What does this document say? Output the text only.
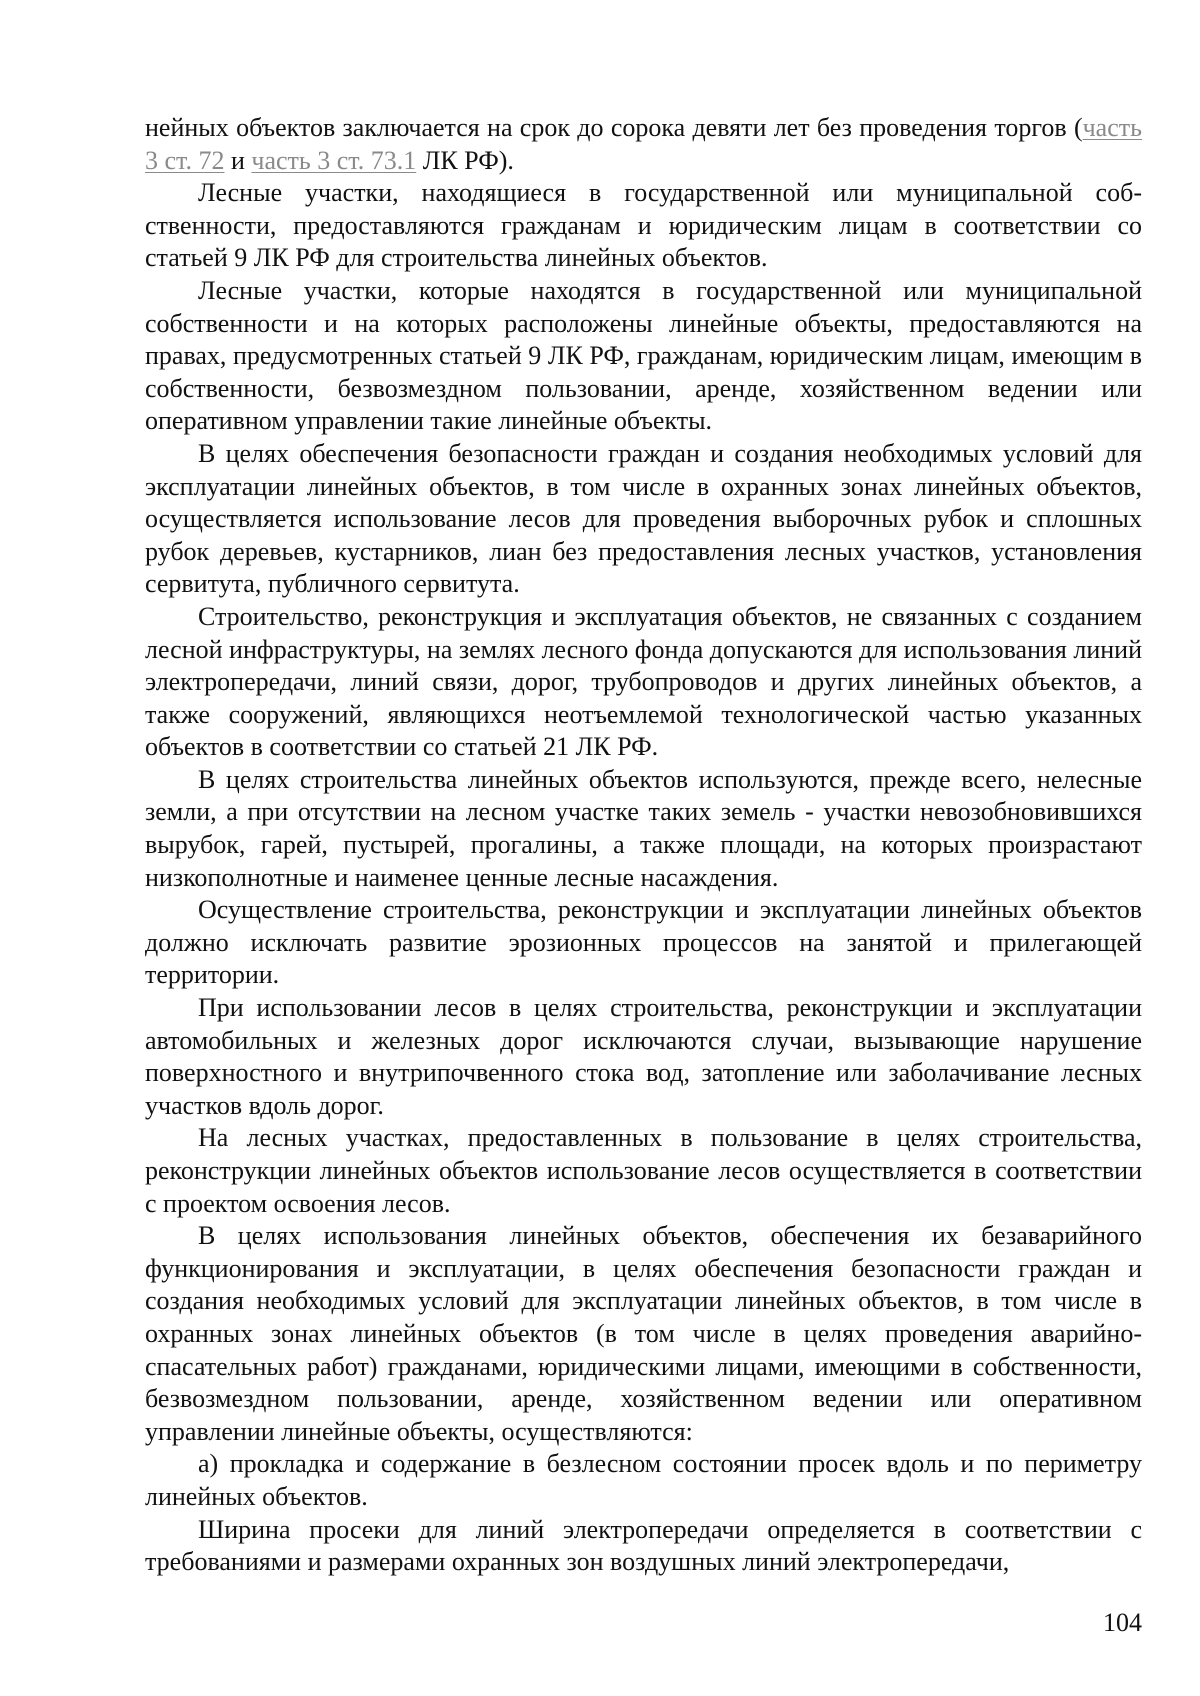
нейных объектов заключается на срок до сорока девяти лет без проведения торгов (часть 3 ст. 72 и часть 3 ст. 73.1 ЛК РФ).

Лесные участки, находящиеся в государственной или муниципальной собственности, предоставляются гражданам и юридическим лицам в соответствии со статьей 9 ЛК РФ для строительства линейных объектов.

Лесные участки, которые находятся в государственной или муниципальной собственности и на которых расположены линейные объекты, предоставляются на правах, предусмотренных статьей 9 ЛК РФ, гражданам, юридическим лицам, имеющим в собственности, безвозмездном пользовании, аренде, хозяйственном ведении или оперативном управлении такие линейные объекты.

В целях обеспечения безопасности граждан и создания необходимых условий для эксплуатации линейных объектов, в том числе в охранных зонах линейных объектов, осуществляется использование лесов для проведения выборочных рубок и сплошных рубок деревьев, кустарников, лиан без предоставления лесных участков, установления сервитута, публичного сервитута.

Строительство, реконструкция и эксплуатация объектов, не связанных с созданием лесной инфраструктуры, на землях лесного фонда допускаются для использования линий электропередачи, линий связи, дорог, трубопроводов и других линейных объектов, а также сооружений, являющихся неотъемлемой технологической частью указанных объектов в соответствии со статьей 21 ЛК РФ.

В целях строительства линейных объектов используются, прежде всего, нелесные земли, а при отсутствии на лесном участке таких земель - участки невозобновившихся вырубок, гарей, пустырей, прогалины, а также площади, на которых произрастают низкополнотные и наименее ценные лесные насаждения.

Осуществление строительства, реконструкции и эксплуатации линейных объектов должно исключать развитие эрозионных процессов на занятой и прилегающей территории.

При использовании лесов в целях строительства, реконструкции и эксплуатации автомобильных и железных дорог исключаются случаи, вызывающие нарушение поверхностного и внутрипочвенного стока вод, затопление или заболачивание лесных участков вдоль дорог.

На лесных участках, предоставленных в пользование в целях строительства, реконструкции линейных объектов использование лесов осуществляется в соответствии с проектом освоения лесов.

В целях использования линейных объектов, обеспечения их безаварийного функционирования и эксплуатации, в целях обеспечения безопасности граждан и создания необходимых условий для эксплуатации линейных объектов, в том числе в охранных зонах линейных объектов (в том числе в целях проведения аварийно-спасательных работ) гражданами, юридическими лицами, имеющими в собственности, безвозмездном пользовании, аренде, хозяйственном ведении или оперативном управлении линейные объекты, осуществляются:

а) прокладка и содержание в безлесном состоянии просек вдоль и по периметру линейных объектов.

Ширина просеки для линий электропередачи определяется в соответствии с требованиями и размерами охранных зон воздушных линий электропередачи,

104
